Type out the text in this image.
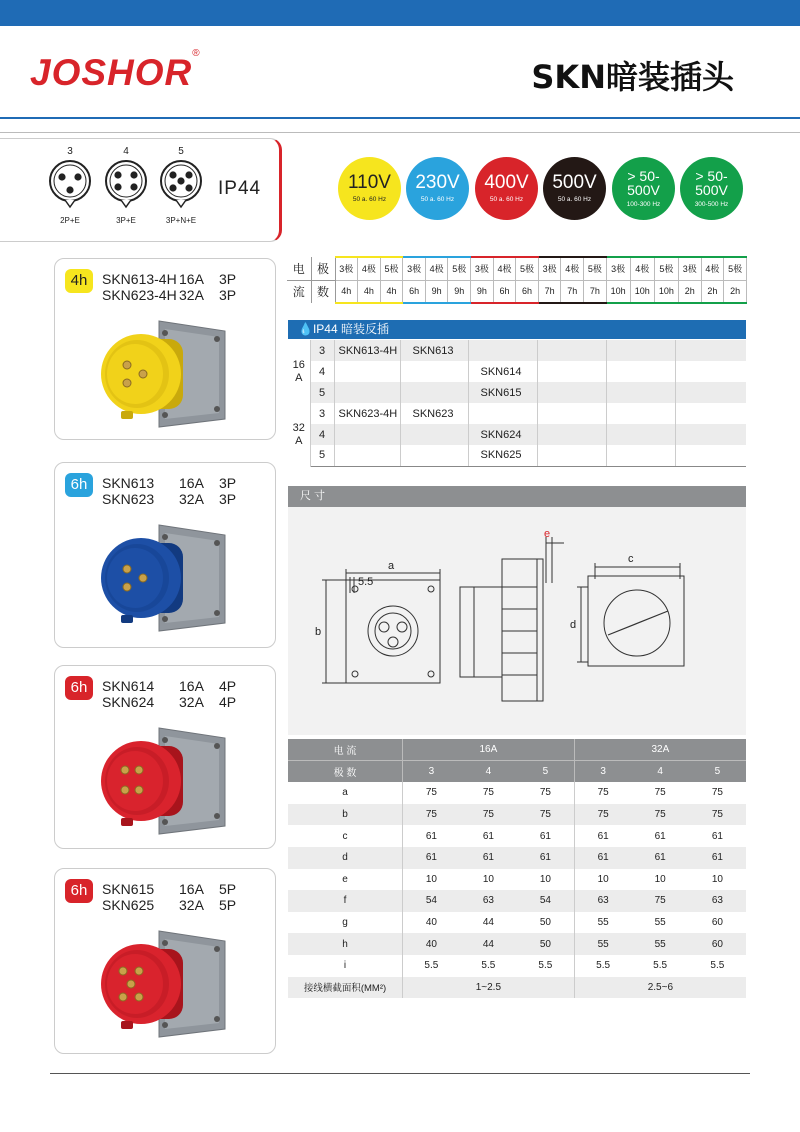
JOSHOR®
SKN暗装插头
3
2P+E
4
3P+E
5
3P+N+E
IP44	110V
50 a. 60 Hz
230V
50 a. 60 Hz
400V
50 a. 60 Hz
500V
50 a. 60 Hz
> 50-
500V
100-300 Hz
> 50-
500V
300-500 Hz
电	极	3极	4极	5极	3极	4极	5极	3极	4极	5极	3极	4极	5极	3极	4极	5极	3极	4极	5极
流	数	4h	4h	4h	6h	9h	9h	9h	6h	6h	7h	7h	7h	10h	10h	10h	2h	2h	2h
💧IP44 暗装反插
16
A	3	SKN613-4H	SKN613				
	4			SKN614			
	5			SKN615			
32
A	3	SKN623-4H	SKN623				
	4			SKN624			
	5			SKN625			
尺 寸
a
5.5
b
c
d
e
电 流	16A			32A		
极 数	3	4	5	3	4	5
a	75	75	75	75	75	75
b	75	75	75	75	75	75
c	61	61	61	61	61	61
d	61	61	61	61	61	61
e	10	10	10	10	10	10
f	54	63	54	63	75	63
g	40	44	50	55	55	60
h	40	44	50	55	55	60
i	5.5	5.5	5.5	5.5	5.5	5.5
接线横截面积(MM²)	1~2.5			2.5~6		
4h	SKN613-4H 16A	3P
SKN623-4H 32A	3P
6h	SKN613	16A	3P
SKN623	32A	3P
6h	SKN614	16A	4P
SKN624	32A	4P
6h	SKN615	16A	5P
SKN625	32A	5P
